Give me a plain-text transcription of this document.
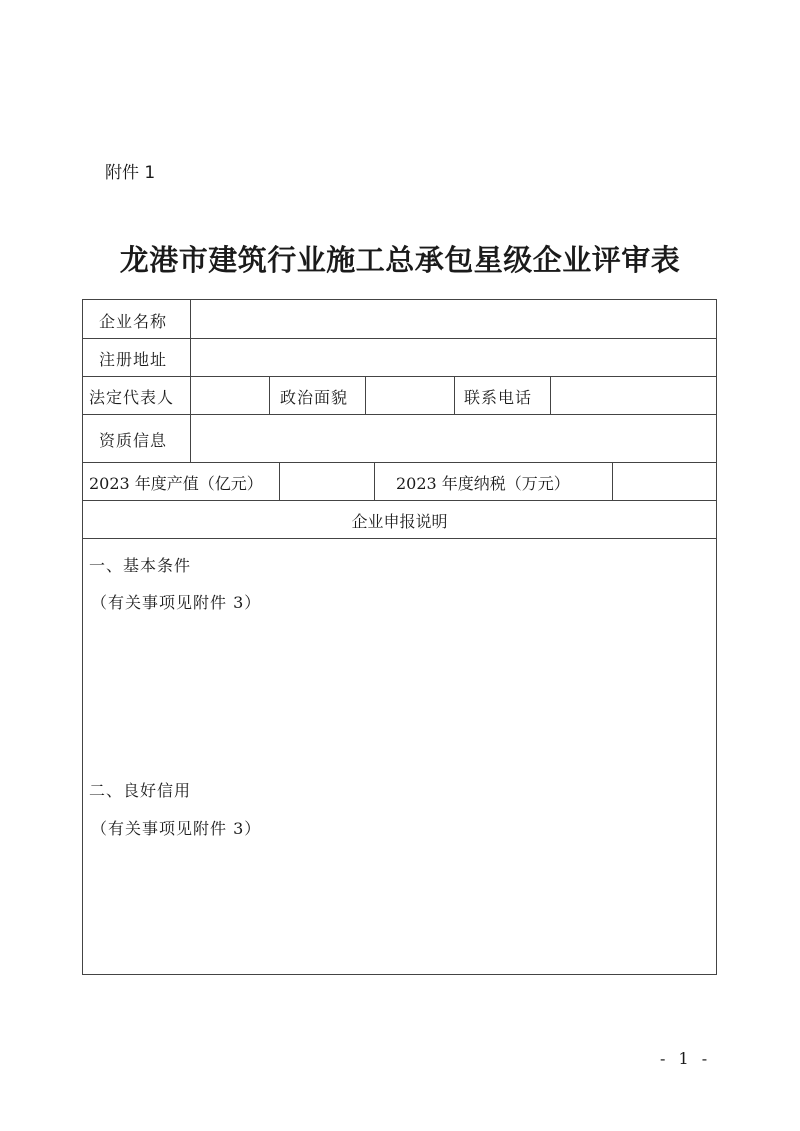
附件 1
龙港市建筑行业施工总承包星级企业评审表
企业名称
注册地址
法定代表人	政治面貌	联系电话
资质信息
2023 年度产值（亿元）	2023 年度纳税（万元）
企业申报说明
一、基本条件
（有关事项见附件 3）
二、良好信用
（有关事项见附件 3）
- 1 -
